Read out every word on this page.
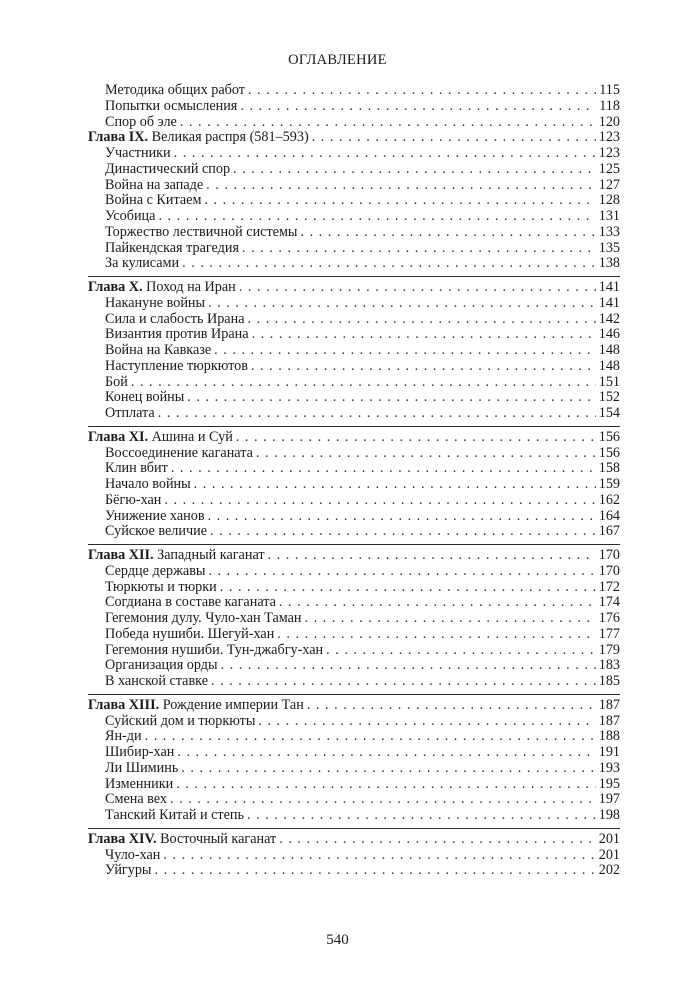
ОГЛАВЛЕНИЕ
Методика общих работ . . .	115
Попытки осмысления . . .	118
Спор об эле . . .	120
Глава IX. Великая распря (581–593) . . .	123
Участники . . .	123
Династический спор . . .	125
Война на западе . . .	127
Война с Китаем . . .	128
Усобица . . .	131
Торжество лествичной системы . . .	133
Пайкендская трагедия . . .	135
За кулисами . . .	138
Глава X. Поход на Иран . . .	141
Накануне войны . . .	141
Сила и слабость Ирана . . .	142
Византия против Ирана . . .	146
Война на Кавказе . . .	148
Наступление тюркютов . . .	148
Бой . . .	151
Конец войны . . .	152
Отплата . . .	154
Глава XI. Ашина и Суй . . .	156
Воссоединение каганата . . .	156
Клин вбит . . .	158
Начало войны . . .	159
Бёгю-хан . . .	162
Унижение ханов . . .	164
Суйское величие . . .	167
Глава XII. Западный каганат . . .	170
Сердце державы . . .	170
Тюркюты и тюрки . . .	172
Согдиана в составе каганата . . .	174
Гегемония дулу. Чуло-хан Таман . . .	176
Победа нушиби. Шегуй-хан . . .	177
Гегемония нушиби. Тун-джабгу-хан . . .	179
Организация орды . . .	183
В ханской ставке . . .	185
Глава XIII. Рождение империи Тан . . .	187
Суйский дом и тюркюты . . .	187
Ян-ди . . .	188
Шибир-хан . . .	191
Ли Шиминь . . .	193
Изменники . . .	195
Смена вех . . .	197
Танский Китай и степь . . .	198
Глава XIV. Восточный каганат . . .	201
Чуло-хан . . .	201
Уйгуры . . .	202
540
